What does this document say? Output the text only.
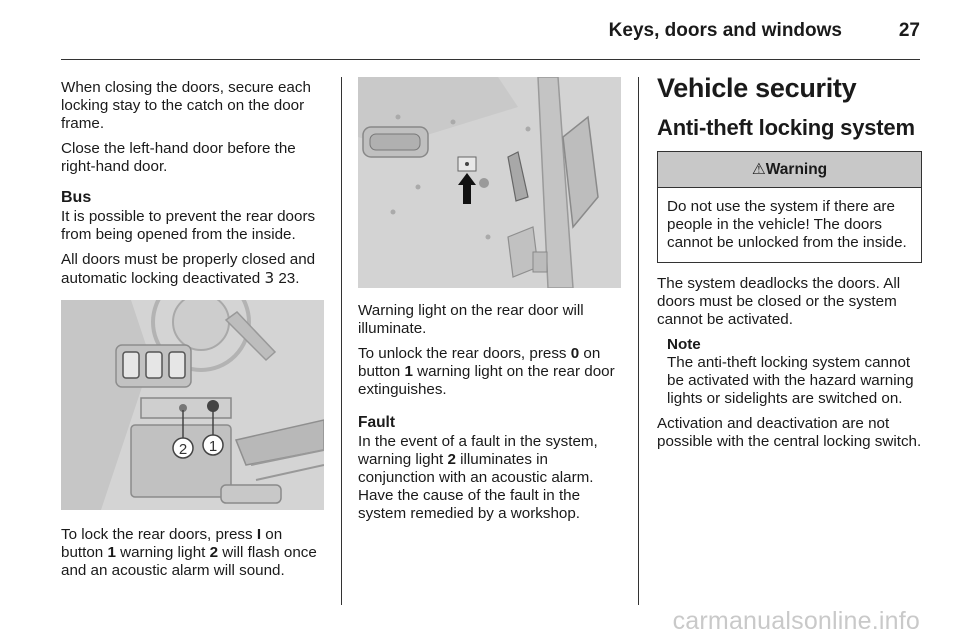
Keys, doors and windows	27

When closing the doors, secure each locking stay to the catch on the door frame.

Close the left-hand door before the right-hand door.

Bus

It is possible to prevent the rear doors from being opened from the inside.

All doors must be properly closed and automatic locking deactivated 3 23.

2 1

To lock the rear doors, press I on button 1 warning light 2 will flash once and an acoustic alarm will sound.

Warning light on the rear door will illuminate.

To unlock the rear doors, press 0 on button 1 warning light on the rear door extinguishes.

Fault

In the event of a fault in the system, warning light 2 illuminates in conjunction with an acoustic alarm. Have the cause of the fault in the system remedied by a workshop.

Vehicle security
Anti-theft locking system
⚠Warning
Do not use the system if there are people in the vehicle! The doors cannot be unlocked from the inside.

The system deadlocks the doors. All doors must be closed or the system cannot be activated.

Note
The anti-theft locking system cannot be activated with the hazard warning lights or sidelights are switched on.

Activation and deactivation are not possible with the central locking switch.

carmanualsonline.info
